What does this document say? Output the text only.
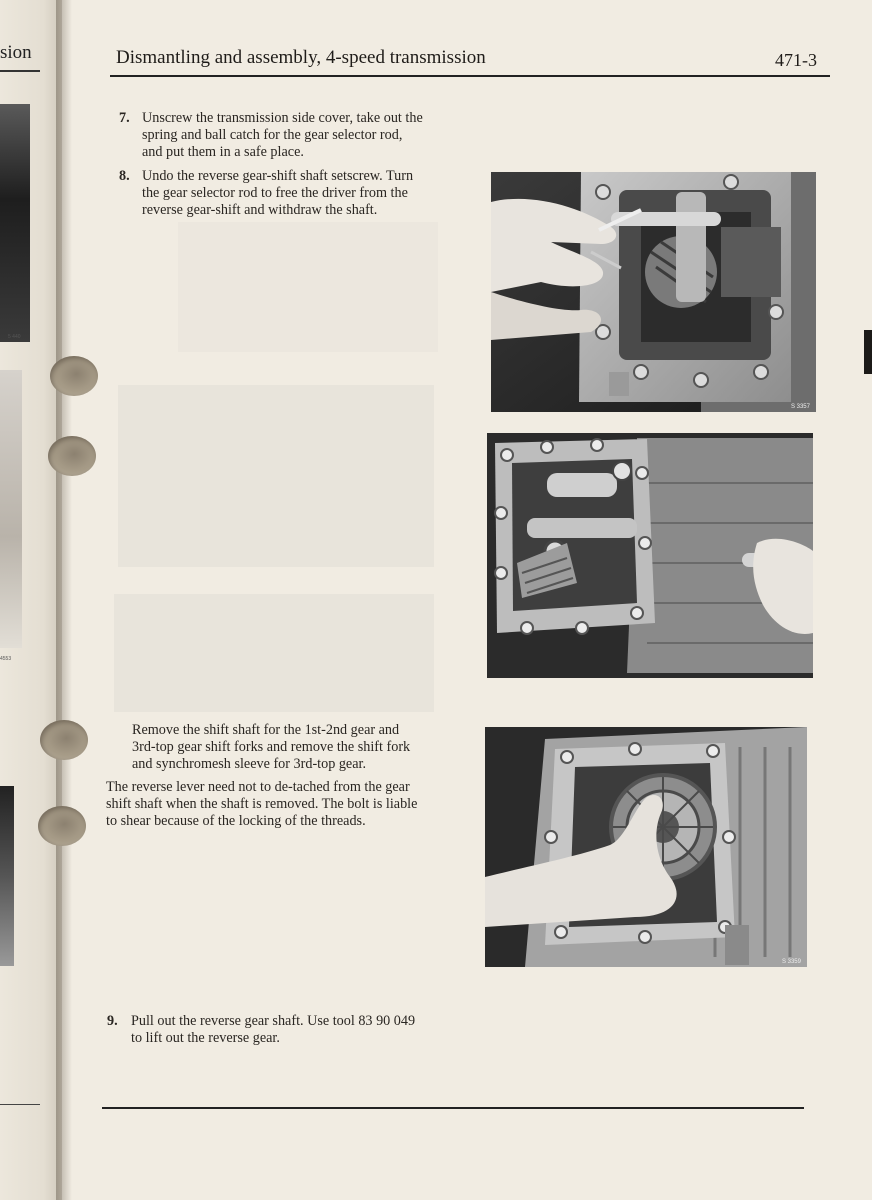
sion
5 440
4553
Dismantling and assembly, 4-speed transmission	471-3
7. Unscrew the transmission side cover, take out the
spring and ball catch for the gear selector rod,
and put them in a safe place.
8. Undo the reverse gear-shift shaft setscrew. Turn
the gear selector rod to free the driver from the
reverse gear-shift and withdraw the shaft.
Remove the shift shaft for the 1st-2nd gear and
3rd-top gear shift forks and remove the shift fork
and synchromesh sleeve for 3rd-top gear.
The reverse lever need not to de-tached from the gear
shift shaft when the shaft is removed. The bolt is liable
to shear because of the locking of the threads.
9. Pull out the reverse gear shaft. Use tool 83 90 049
to lift out the reverse gear.
S 3357
S 3359
